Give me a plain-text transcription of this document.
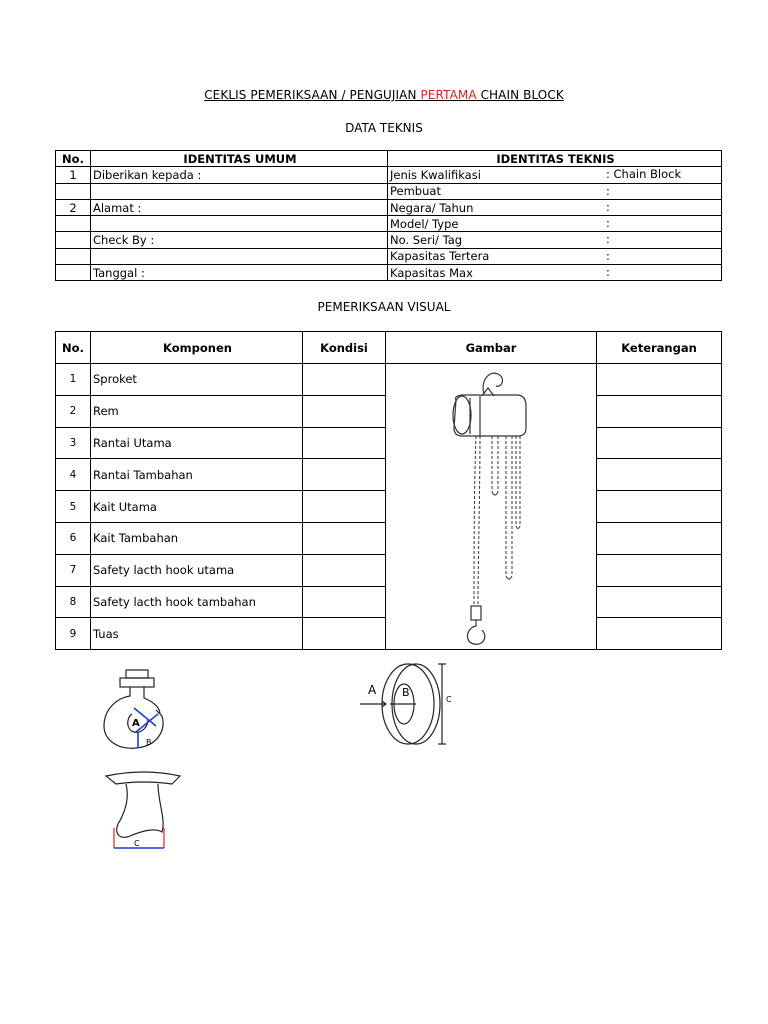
CEKLIS PEMERIKSAAN / PENGUJIAN PERTAMA CHAIN BLOCK
DATA TEKNIS
No.	IDENTITAS UMUM	IDENTITAS TEKNIS
1	Diberikan kepada :	Jenis Kwalifikasi : Chain Block

		Pembuat :

2	Alamat :	Negara/ Tahun :

		Model/ Type :

	Check By :	No. Seri/ Tag :

		Kapasitas Tertera :

	Tanggal :	Kapasitas Max :
PEMERIKSAAN VISUAL
No.	Komponen	Kondisi	Gambar	Keterangan
1	Sproket			
2	Rem			
3	Rantai Utama			
4	Rantai Tambahan			
5	Kait Utama			
6	Kait Tambahan			
7	Safety lacth hook utama			
8	Safety lacth hook tambahan			
9	Tuas			
A
B
C
A B
C
